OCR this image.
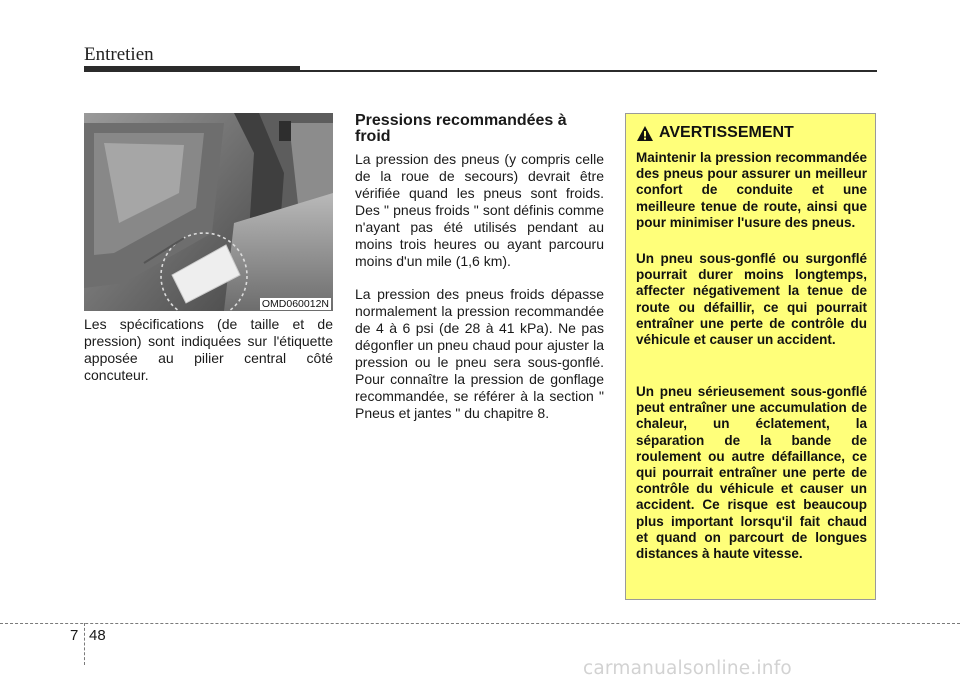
Entretien
OMD060012N

Les spécifications (de taille et de pression) sont indiquées sur l'étiquette apposée au pilier central côté concuteur.

Pressions recommandées à froid

La pression des pneus (y compris celle de la roue de secours) devrait être vérifiée quand les pneus sont froids. Des " pneus froids " sont définis comme n'ayant pas été utilisés pendant au moins trois heures ou ayant parcouru moins d'un mile (1,6 km).

La pression des pneus froids dépasse normalement la pression recommandée de 4 à 6 psi (de 28 à 41 kPa). Ne pas dégonfler un pneu chaud pour ajuster la pression ou le pneu sera sous-gonflé. Pour connaître la pression de gonflage recommandée, se référer à la section " Pneus et jantes " du chapitre 8.

AVERTISSEMENT

Maintenir la pression recommandée des pneus pour assurer un meilleur confort de conduite et une meilleure tenue de route, ainsi que pour minimiser l'usure des pneus.

Un pneu sous-gonflé ou surgonflé pourrait durer moins longtemps, affecter négativement la tenue de route ou défaillir, ce qui pourrait entraîner une perte de contrôle du véhicule et causer un accident.

Un pneu sérieusement sous-gonflé peut entraîner une accumulation de chaleur, un éclatement, la séparation de la bande de roulement ou autre défaillance, ce qui pourrait entraîner une perte de contrôle du véhicule et causer un accident. Ce risque est beaucoup plus important lorsqu'il fait chaud et quand on parcourt de longues distances à haute vitesse.

7 48
carmanualsonline.info
